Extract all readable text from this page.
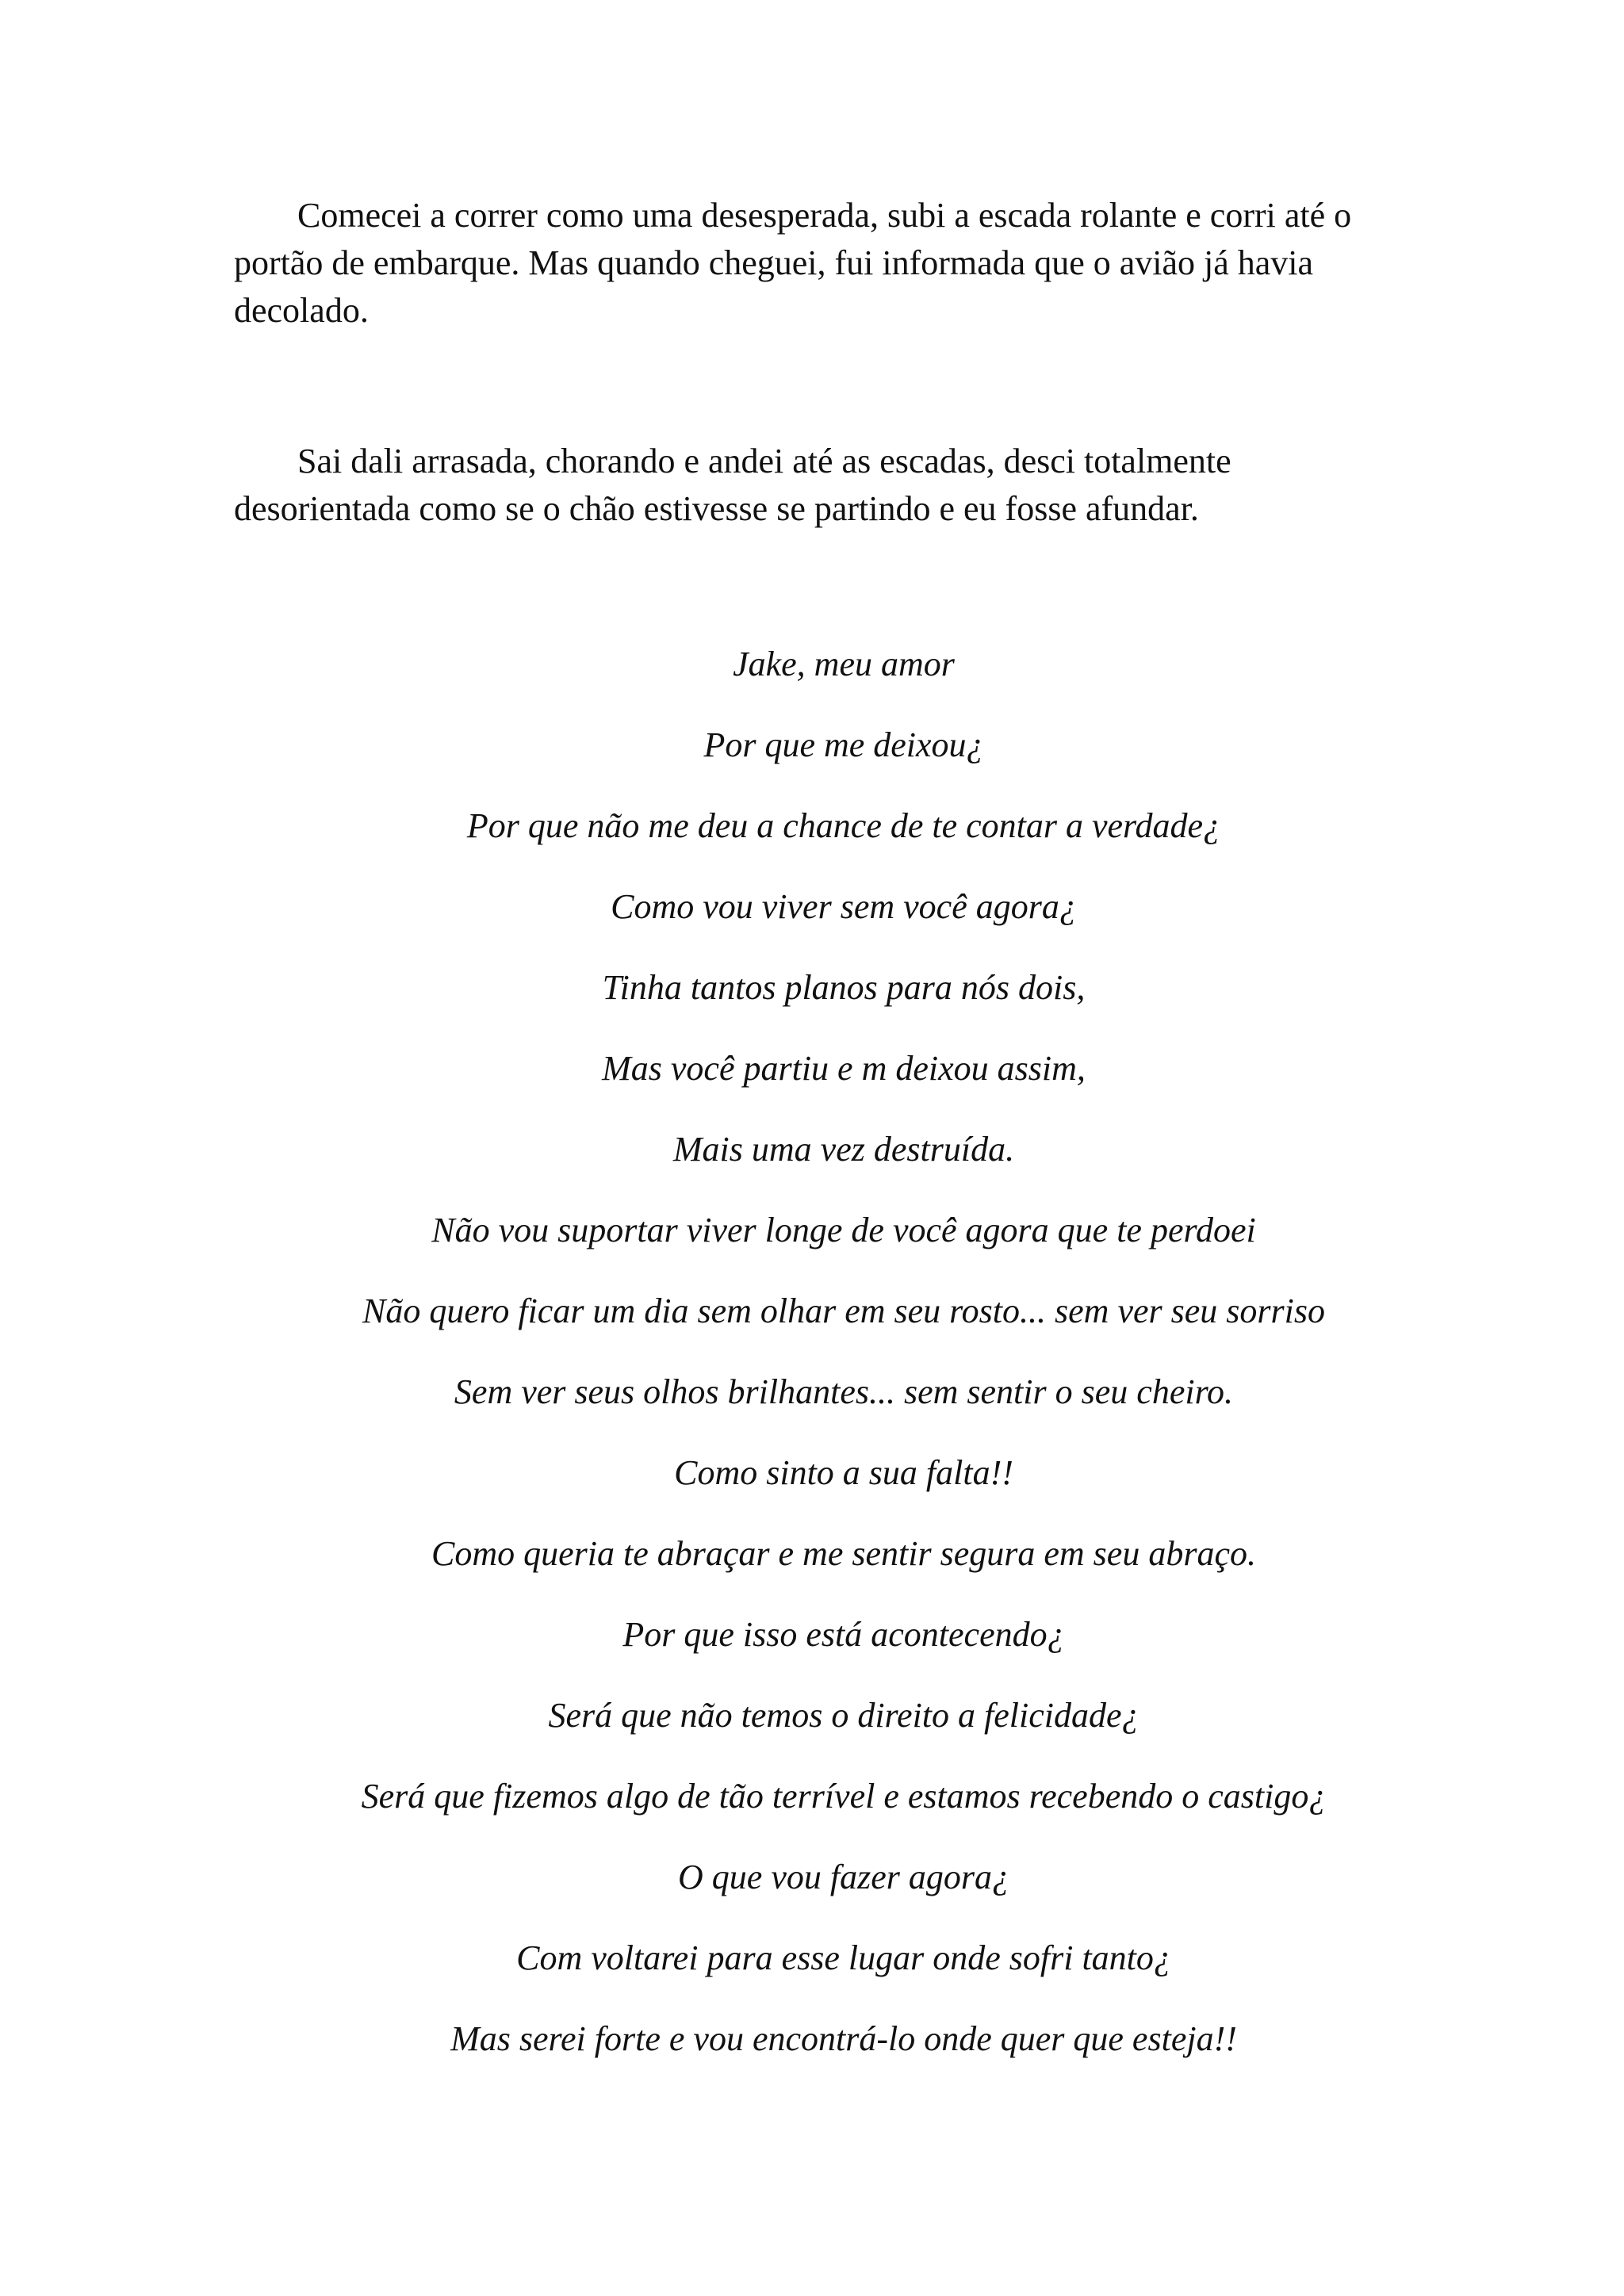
Comecei a correr como uma desesperada, subi a escada rolante e corri até o portão de embarque. Mas quando cheguei, fui informada que o avião já havia decolado.

Sai dali arrasada, chorando e andei até as escadas, desci totalmente desorientada como se o chão estivesse se partindo e eu fosse afundar.

Jake, meu amor
Por que me deixou¿
Por que não me deu a chance de te contar a verdade¿
Como vou viver sem você agora¿
Tinha tantos planos para nós dois,
Mas você partiu e m deixou assim,
Mais uma vez destruída.
Não vou suportar viver longe de você agora que te perdoei
Não quero ficar um dia sem olhar em seu rosto... sem ver seu sorriso
Sem ver seus olhos brilhantes... sem sentir o seu cheiro.
Como sinto a sua falta!!
Como queria te abraçar e me sentir segura em seu abraço.
Por que isso está acontecendo¿
Será que não temos o direito a felicidade¿
Será que fizemos algo de tão terrível e estamos recebendo o castigo¿
O que vou fazer agora¿
Com voltarei para esse lugar onde sofri tanto¿
Mas serei forte e vou encontrá-lo onde quer que esteja!!
